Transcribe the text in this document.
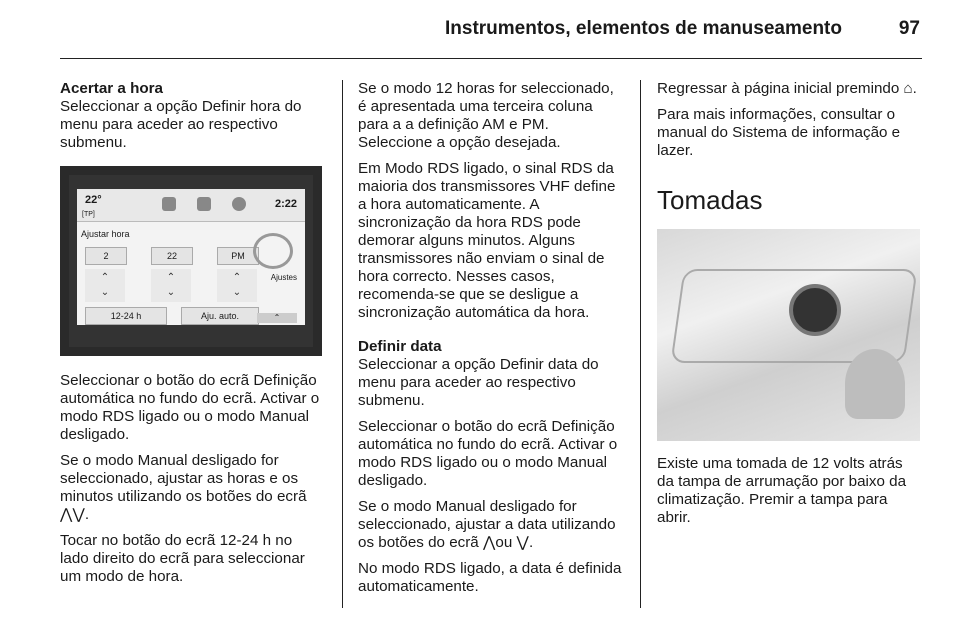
Instrumentos, elementos de manuseamento	97

Acertar a hora

Seleccionar a opção Definir hora do menu para aceder ao respectivo submenu.

22°
[TP]
2:22
Ajustar hora
2	22	PM
⌃
⌄
⌃
⌄
⌃
⌄
12-24 h	Aju. auto.
Ajustes
⌃

Seleccionar o botão do ecrã Definição automática no fundo do ecrã. Activar o modo RDS ligado ou o modo Manual desligado.

Se o modo Manual desligado for seleccionado, ajustar as horas e os minutos utilizando os botões do ecrã ⋀⋁.

Tocar no botão do ecrã 12-24 h no lado direito do ecrã para seleccionar um modo de hora.

Se o modo 12 horas for seleccionado, é apresentada uma terceira coluna para a a definição AM e PM. Seleccione a opção desejada.

Em Modo RDS ligado, o sinal RDS da maioria dos transmissores VHF define a hora automaticamente. A sincronização da hora RDS pode demorar alguns minutos. Alguns transmissores não enviam o sinal de hora correcto. Nesses casos, recomenda-se que se desligue a sincronização automática da hora.

Definir data

Seleccionar a opção Definir data do menu para aceder ao respectivo submenu.

Seleccionar o botão do ecrã Definição automática no fundo do ecrã. Activar o modo RDS ligado ou o modo Manual desligado.

Se o modo Manual desligado for seleccionado, ajustar a data utilizando os botões do ecrã ⋀ou ⋁.

No modo RDS ligado, a data é definida automaticamente.

Regressar à página inicial premindo ⌂.

Para mais informações, consultar o manual do Sistema de informação e lazer.

Tomadas

Existe uma tomada de 12 volts atrás da tampa de arrumação por baixo da climatização. Premir a tampa para abrir.
